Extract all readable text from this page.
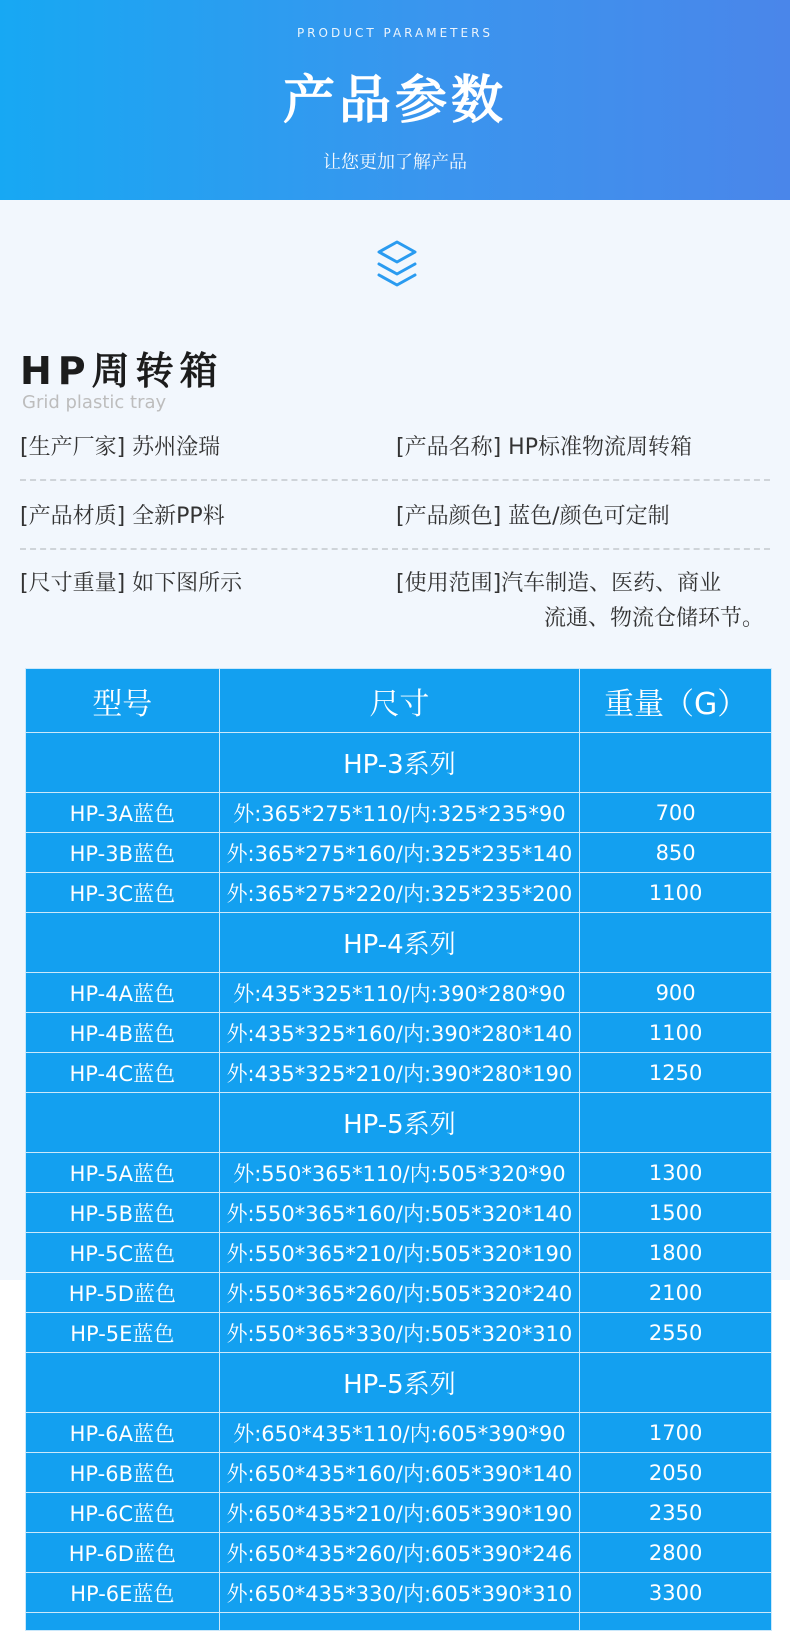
PRODUCT PARAMETERS
产品参数
让您更加了解产品
HP周转箱
Grid plastic tray
[生产厂家] 苏州淦瑞	[产品名称] HP标准物流周转箱
[产品材质] 全新PP料	[产品颜色] 蓝色/颜色可定制
[尺寸重量] 如下图所示	[使用范围]汽车制造、医药、商业
流通、物流仓储环节。
型号	尺寸	重量（G）
	HP-3系列	
HP-3A蓝色	外:365*275*110/内:325*235*90	700
HP-3B蓝色	外:365*275*160/内:325*235*140	850
HP-3C蓝色	外:365*275*220/内:325*235*200	1100
	HP-4系列	
HP-4A蓝色	外:435*325*110/内:390*280*90	900
HP-4B蓝色	外:435*325*160/内:390*280*140	1100
HP-4C蓝色	外:435*325*210/内:390*280*190	1250
	HP-5系列	
HP-5A蓝色	外:550*365*110/内:505*320*90	1300
HP-5B蓝色	外:550*365*160/内:505*320*140	1500
HP-5C蓝色	外:550*365*210/内:505*320*190	1800
HP-5D蓝色	外:550*365*260/内:505*320*240	2100
HP-5E蓝色	外:550*365*330/内:505*320*310	2550
	HP-5系列	
HP-6A蓝色	外:650*435*110/内:605*390*90	1700
HP-6B蓝色	外:650*435*160/内:605*390*140	2050
HP-6C蓝色	外:650*435*210/内:605*390*190	2350
HP-6D蓝色	外:650*435*260/内:605*390*246	2800
HP-6E蓝色	外:650*435*330/内:605*390*310	3300
